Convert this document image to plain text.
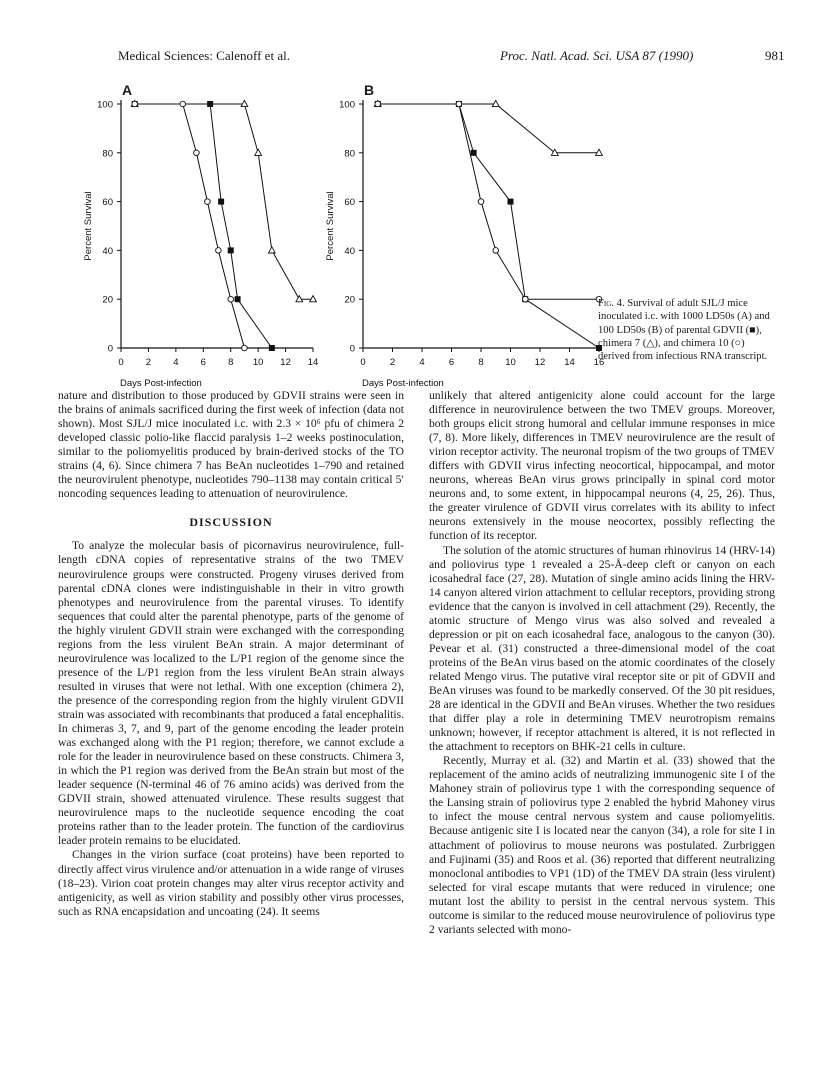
Medical Sciences: Calenoff et al.	Proc. Natl. Acad. Sci. USA 87 (1990)	981
A	B
0
20
40
60
80
100
0 2 4 6 8 10 12 14
Days Post-infection
Percent Survival
0
20
40
60
80
100
0	2	4	6	8 10 12 14 16
Days Post-infection
Percent Survival
Fig. 4. Survival of adult SJL/J mice inoculated i.c. with 1000 LD50s (A) and 100 LD50s (B) of parental GDVII (■), chimera 7 (△), and chimera 10 (○) derived from infectious RNA transcript.

nature and distribution to those produced by GDVII strains were seen in the brains of animals sacrificed during the first week of infection (data not shown). Most SJL/J mice inoculated i.c. with 2.3 × 10⁶ pfu of chimera 2 developed classic polio-like flaccid paralysis 1–2 weeks postinoculation, similar to the poliomyelitis produced by brain-derived stocks of the TO strains (4, 6). Since chimera 7 has BeAn nucleotides 1–790 and retained the neurovirulent phenotype, nucleotides 790–1138 may contain critical 5′ noncoding sequences leading to attenuation of neurovirulence.

DISCUSSION

To analyze the molecular basis of picornavirus neurovirulence, full-length cDNA copies of representative strains of the two TMEV neurovirulence groups were constructed. Progeny viruses derived from parental cDNA clones were indistinguishable in their in vitro growth phenotypes and neurovirulence from the parental viruses. To identify sequences that could alter the parental phenotype, parts of the genome of the highly virulent GDVII strain were exchanged with the corresponding regions from the less virulent BeAn strain. A major determinant of neurovirulence was localized to the L/P1 region of the genome since the presence of the L/P1 region from the less virulent BeAn strain always resulted in viruses that were not lethal. With one exception (chimera 2), the presence of the corresponding region from the highly virulent GDVII strain was associated with recombinants that produced a fatal encephalitis. In chimeras 3, 7, and 9, part of the genome encoding the leader protein was exchanged along with the P1 region; therefore, we cannot exclude a role for the leader in neurovirulence based on these constructs. Chimera 3, in which the P1 region was derived from the BeAn strain but most of the leader sequence (N-terminal 46 of 76 amino acids) was derived from the GDVII strain, showed attenuated virulence. These results suggest that neurovirulence maps to the nucleotide sequence encoding the coat proteins rather than to the leader protein. The function of the cardiovirus leader protein remains to be elucidated.

Changes in the virion surface (coat proteins) have been reported to directly affect virus virulence and/or attenuation in a wide range of viruses (18–23). Virion coat protein changes may alter virus receptor activity and antigenicity, as well as virion stability and possibly other virus processes, such as RNA encapsidation and uncoating (24). It seems

unlikely that altered antigenicity alone could account for the large difference in neurovirulence between the two TMEV groups. Moreover, both groups elicit strong humoral and cellular immune responses in mice (7, 8). More likely, differences in TMEV neurovirulence are the result of virion receptor activity. The neuronal tropism of the two groups of TMEV differs with GDVII virus infecting neocortical, hippocampal, and motor neurons, whereas BeAn virus grows principally in spinal cord motor neurons and, to some extent, in hippocampal neurons (4, 25, 26). Thus, the greater virulence of GDVII virus correlates with its ability to infect neurons extensively in the mouse neocortex, possibly reflecting the function of its receptor.

The solution of the atomic structures of human rhinovirus 14 (HRV-14) and poliovirus type 1 revealed a 25-Å-deep cleft or canyon on each icosahedral face (27, 28). Mutation of single amino acids lining the HRV-14 canyon altered virion attachment to cellular receptors, providing strong evidence that the canyon is involved in cell attachment (29). Recently, the atomic structure of Mengo virus was also solved and revealed a depression or pit on each icosahedral face, analogous to the canyon (30). Pevear et al. (31) constructed a three-dimensional model of the coat proteins of the BeAn virus based on the atomic coordinates of the closely related Mengo virus. The putative viral receptor site or pit of GDVII and BeAn viruses was found to be markedly conserved. Of the 30 pit residues, 28 are identical in the GDVII and BeAn viruses. Whether the two residues that differ play a role in determining TMEV neurotropism remains unknown; however, if receptor attachment is altered, it is not reflected in the attachment to receptors on BHK-21 cells in culture.

Recently, Murray et al. (32) and Martin et al. (33) showed that the replacement of the amino acids of neutralizing immunogenic site I of the Mahoney strain of poliovirus type 1 with the corresponding sequence of the Lansing strain of poliovirus type 2 enabled the hybrid Mahoney virus to infect the mouse central nervous system and cause poliomyelitis. Because antigenic site I is located near the canyon (34), a role for site I in attachment of poliovirus to mouse neurons was postulated. Zurbriggen and Fujinami (35) and Roos et al. (36) reported that different neutralizing monoclonal antibodies to VP1 (1D) of the TMEV DA strain (less virulent) selected for viral escape mutants that were reduced in virulence; one mutant lost the ability to persist in the central nervous system. This outcome is similar to the reduced mouse neurovirulence of poliovirus type 2 variants selected with mono-
